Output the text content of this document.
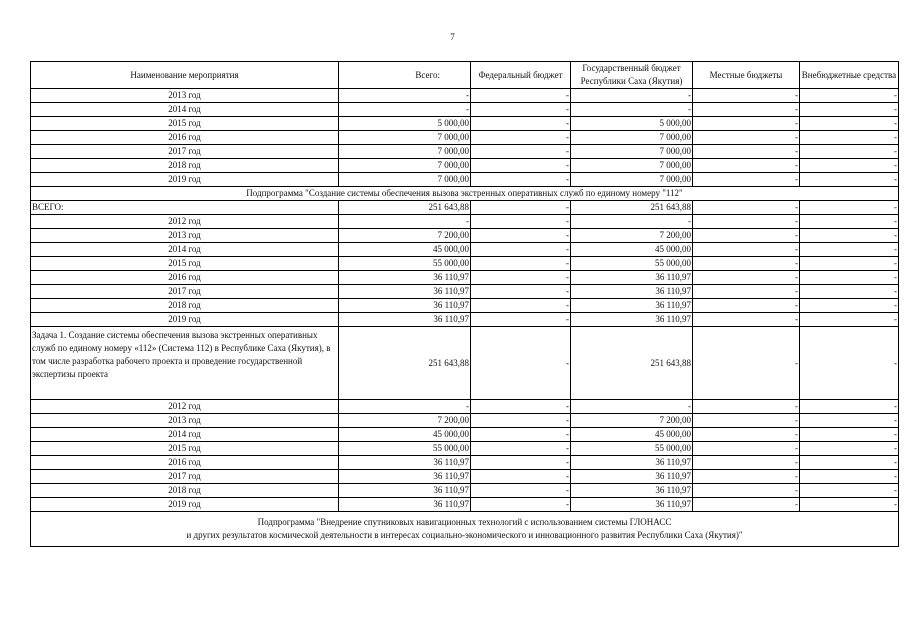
7
Наименование мероприятия	Всего:	Федеральный бюджет	Государственный бюджет Республики Саха (Якутия)	Местные бюджеты	Внебюджетные средства
2013 год	-	-	-	-	-
2014 год	-	-	-	-	-
2015 год	5 000,00	-	5 000,00	-	-
2016 год	7 000,00	-	7 000,00	-	-
2017 год	7 000,00	-	7 000,00	-	-
2018 год	7 000,00	-	7 000,00	-	-
2019 год	7 000,00	-	7 000,00	-	-

Подпрограмма "Создание системы обеспечения вызова экстренных оперативных служб по единому номеру "112"					

ВСЕГО:	251 643,88	-	251 643,88	-	-
2012 год	-	-	-	-	-
2013 год	7 200,00	-	7 200,00	-	-
2014 год	45 000,00	-	45 000,00	-	-
2015 год	55 000,00	-	55 000,00	-	-
2016 год	36 110,97	-	36 110,97	-	-
2017 год	36 110,97	-	36 110,97	-	-
2018 год	36 110,97	-	36 110,97	-	-
2019 год	36 110,97	-	36 110,97	-	-
Задача 1. Создание системы обеспечения вызова экстренных оперативных служб по единому номеру «112» (Система 112) в Республике Саха (Якутия), в том числе разработка рабочего проекта и проведение государственной экспертизы проекта	251 643,88	-	251 643,88	-	-
2012 год	-	-	-	-	-
2013 год	7 200,00	-	7 200,00	-	-
2014 год	45 000,00	-	45 000,00	-	-
2015 год	55 000,00	-	55 000,00	-	-
2016 год	36 110,97	-	36 110,97	-	-
2017 год	36 110,97	-	36 110,97	-	-
2018 год	36 110,97	-	36 110,97	-	-
2019 год	36 110,97	-	36 110,97	-	-

Подпрограмма "Внедрение спутниковых навигационных технологий с использованием системы ГЛОНАСС
и других результатов космической деятельности в интересах социально-экономического и инновационного развития Республики Саха (Якутия)"					
